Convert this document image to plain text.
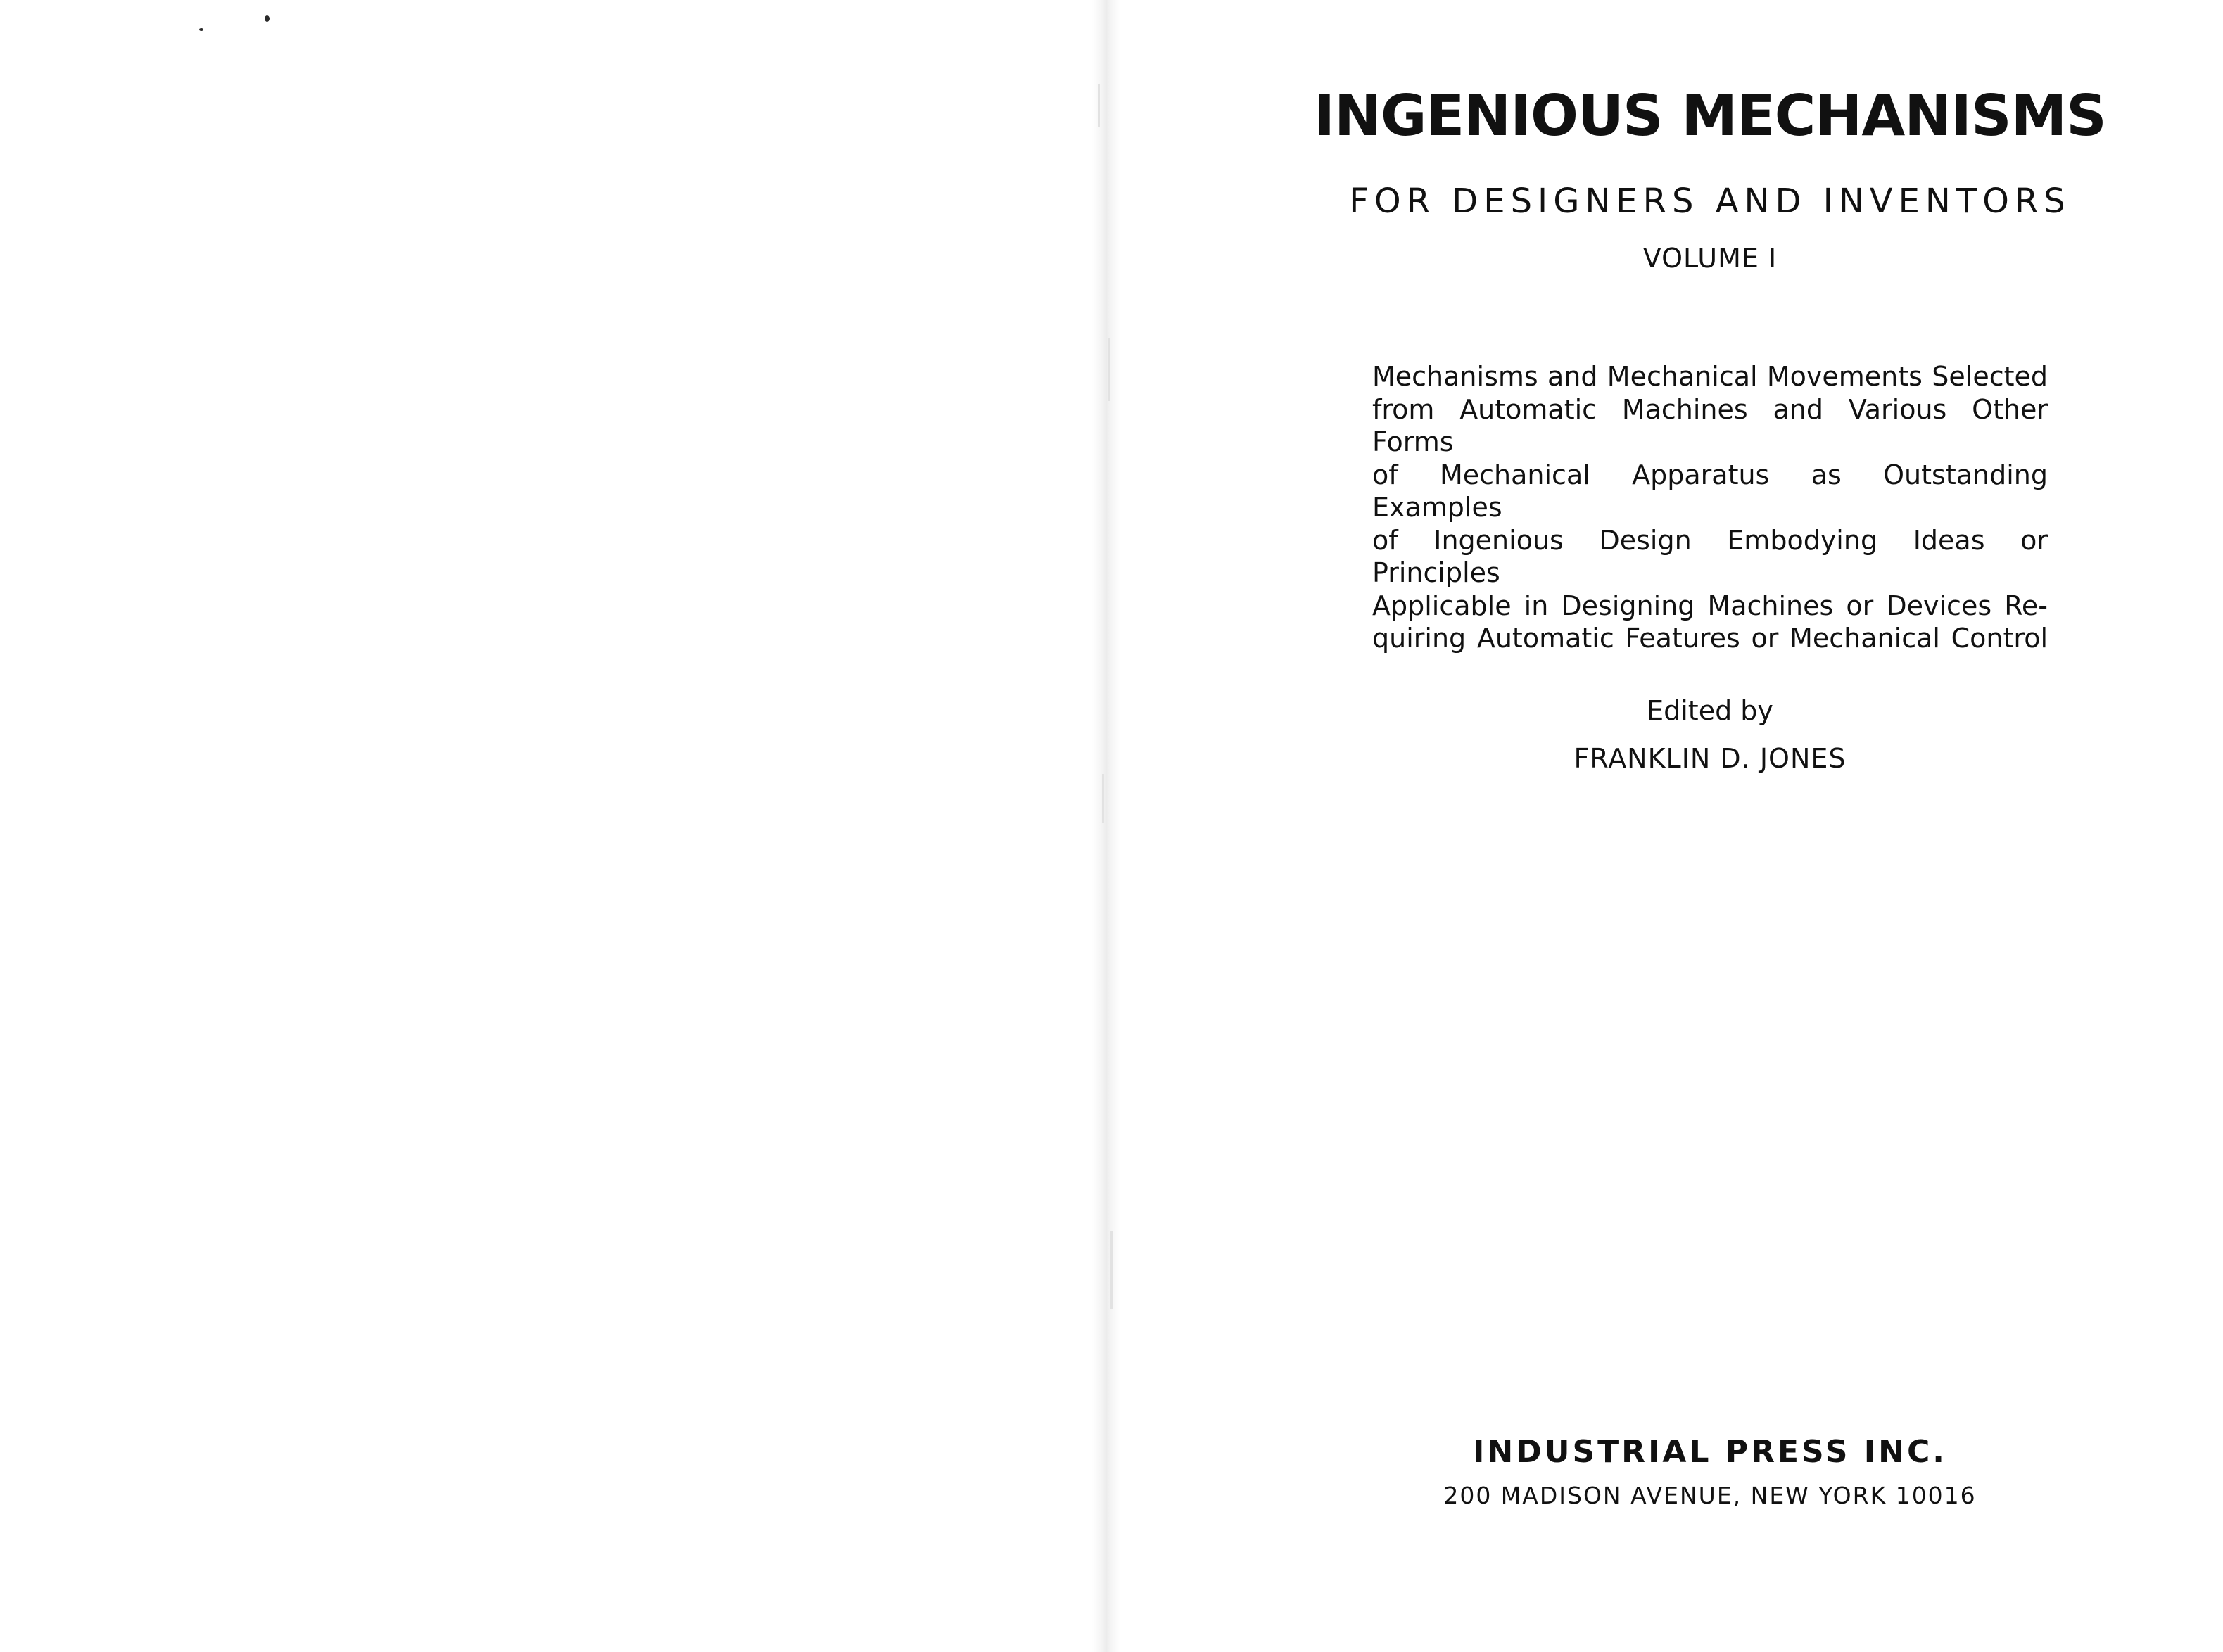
INGENIOUS MECHANISMS
FOR DESIGNERS AND INVENTORS
VOLUME I
Mechanisms and Mechanical Movements Selected
from Automatic Machines and Various Other Forms
of Mechanical Apparatus as Outstanding Examples
of Ingenious Design Embodying Ideas or Principles
Applicable in Designing Machines or Devices Re-
quiring Automatic Features or Mechanical Control
Edited by
FRANKLIN D. JONES
INDUSTRIAL PRESS INC.
200 MADISON AVENUE, NEW YORK 10016
